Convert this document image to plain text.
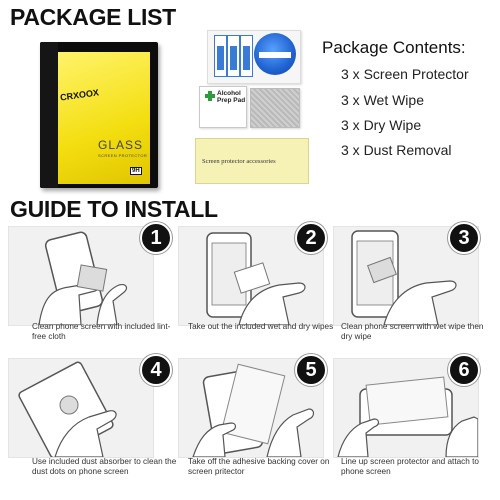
PACKAGE LIST
GUIDE TO INSTALL
CRXOOX
GLASS
SCREEN PROTECTOR
9H
Alcohol Prep Pad
Screen protector accessories
Package Contents:
3 x Screen Protector
3 x Wet Wipe
3 x Dry Wipe
3 x Dust Removal
1
Clean phone screen with included lint-free cloth
2
Take out the included wet and dry wipes
3
Clean phone screen with wet wipe then dry wipe
4
Use included dust absorber to clean the dust dots on phone screen
5
Take off the adhesive backing cover on screen pritector
6
Line up screen protector and attach to phone screen
